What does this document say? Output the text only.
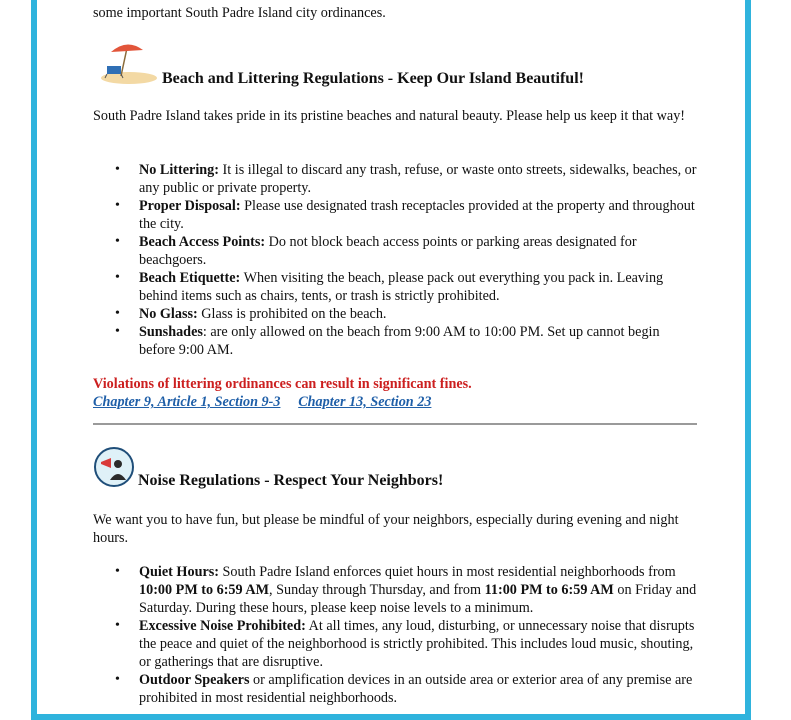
some important South Padre Island city ordinances.

Beach and Littering Regulations - Keep Our Island Beautiful!

South Padre Island takes pride in its pristine beaches and natural beauty. Please help us keep it that way!

• No Littering: It is illegal to discard any trash, refuse, or waste onto streets, sidewalks, beaches, or any public or private property.
• Proper Disposal: Please use designated trash receptacles provided at the property and throughout the city.
• Beach Access Points: Do not block beach access points or parking areas designated for beachgoers.
• Beach Etiquette: When visiting the beach, please pack out everything you pack in. Leaving behind items such as chairs, tents, or trash is strictly prohibited.
• No Glass: Glass is prohibited on the beach.
• Sunshades: are only allowed on the beach from 9:00 AM to 10:00 PM. Set up cannot begin before 9:00 AM.

Violations of littering ordinances can result in significant fines.

Chapter 9, Article 1, Section 9-3 Chapter 13, Section 23
Noise Regulations - Respect Your Neighbors!

We want you to have fun, but please be mindful of your neighbors, especially during evening and night hours.

• Quiet Hours: South Padre Island enforces quiet hours in most residential neighborhoods from 10:00 PM to 6:59 AM, Sunday through Thursday, and from 11:00 PM to 6:59 AM on Friday and Saturday. During these hours, please keep noise levels to a minimum.
• Excessive Noise Prohibited: At all times, any loud, disturbing, or unnecessary noise that disrupts the peace and quiet of the neighborhood is strictly prohibited. This includes loud music, shouting, or gatherings that are disruptive.
• Outdoor Speakers or amplification devices in an outside area or exterior area of any premise are prohibited in most residential neighborhoods.
